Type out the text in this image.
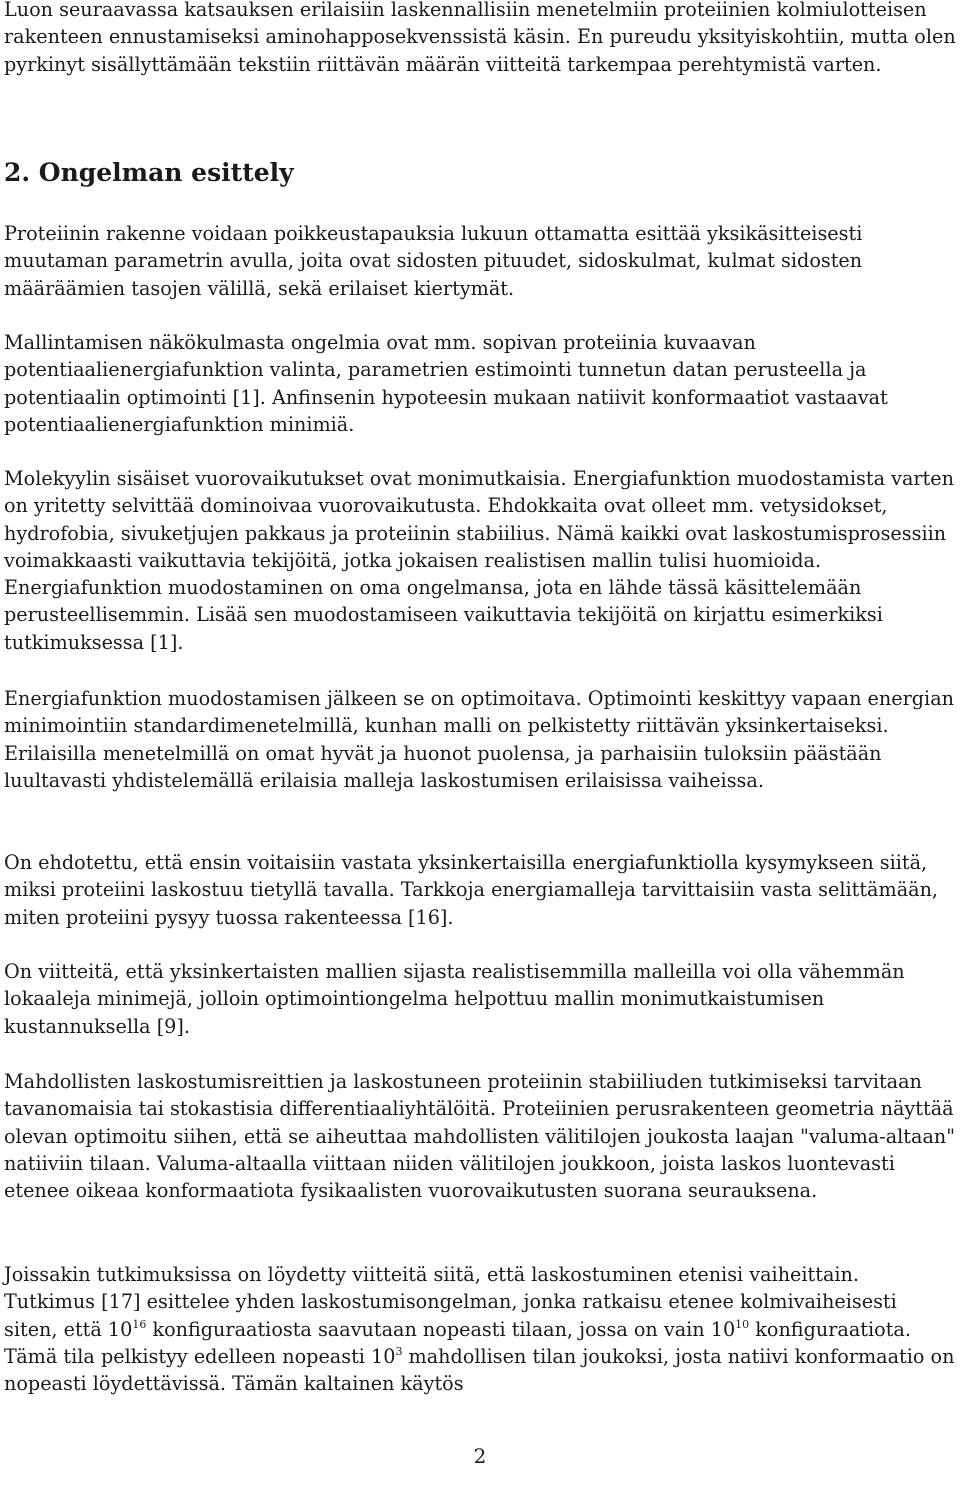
Luon seuraavassa katsauksen erilaisiin laskennallisiin menetelmiin proteiinien kolmiulotteisen rakenteen ennustamiseksi aminohapposekvenssistä käsin. En pureudu yksityiskohtiin, mutta olen pyrkinyt sisällyttämään tekstiin riittävän määrän viitteitä tarkempaa perehtymistä varten.

2. Ongelman esittely

Proteiinin rakenne voidaan poikkeustapauksia lukuun ottamatta esittää yksikäsitteisesti muutaman parametrin avulla, joita ovat sidosten pituudet, sidoskulmat, kulmat sidosten määräämien tasojen välillä, sekä erilaiset kiertymät.

Mallintamisen näkökulmasta ongelmia ovat mm. sopivan proteiinia kuvaavan potentiaalienergiafunktion valinta, parametrien estimointi tunnetun datan perusteella ja potentiaalin optimointi [1]. Anfinsenin hypoteesin mukaan natiivit konformaatiot vastaavat potentiaalienergiafunktion minimiä.

Molekyylin sisäiset vuorovaikutukset ovat monimutkaisia. Energiafunktion muodostamista varten on yritetty selvittää dominoivaa vuorovaikutusta. Ehdokkaita ovat olleet mm. vetysidokset, hydrofobia, sivuketjujen pakkaus ja proteiinin stabiilius. Nämä kaikki ovat laskostumisprosessiin voimakkaasti vaikuttavia tekijöitä, jotka jokaisen realistisen mallin tulisi huomioida. Energiafunktion muodostaminen on oma ongelmansa, jota en lähde tässä käsittelemään perusteellisemmin. Lisää sen muodostamiseen vaikuttavia tekijöitä on kirjattu esimerkiksi tutkimuksessa [1].

Energiafunktion muodostamisen jälkeen se on optimoitava. Optimointi keskittyy vapaan energian minimointiin standardimenetelmillä, kunhan malli on pelkistetty riittävän yksinkertaiseksi. Erilaisilla menetelmillä on omat hyvät ja huonot puolensa, ja parhaisiin tuloksiin päästään luultavasti yhdistelemällä erilaisia malleja laskostumisen erilaisissa vaiheissa.

On ehdotettu, että ensin voitaisiin vastata yksinkertaisilla energiafunktiolla kysymykseen siitä, miksi proteiini laskostuu tietyllä tavalla. Tarkkoja energiamalleja tarvittaisiin vasta selittämään, miten proteiini pysyy tuossa rakenteessa [16].

On viitteitä, että yksinkertaisten mallien sijasta realistisemmilla malleilla voi olla vähemmän lokaaleja minimejä, jolloin optimointiongelma helpottuu mallin monimutkaistumisen kustannuksella [9].

Mahdollisten laskostumisreittien ja laskostuneen proteiinin stabiiliuden tutkimiseksi tarvitaan tavanomaisia tai stokastisia differentiaaliyhtälöitä. Proteiinien perusrakenteen geometria näyttää olevan optimoitu siihen, että se aiheuttaa mahdollisten välitilojen joukosta laajan "valuma-altaan" natiiviin tilaan. Valuma-altaalla viittaan niiden välitilojen joukkoon, joista laskos luontevasti etenee oikeaa konformaatiota fysikaalisten vuorovaikutusten suorana seurauksena.

Joissakin tutkimuksissa on löydetty viitteitä siitä, että laskostuminen etenisi vaiheittain. Tutkimus [17] esittelee yhden laskostumisongelman, jonka ratkaisu etenee kolmivaiheisesti siten, että $10^{16}$ konfiguraatiosta saavutaan nopeasti tilaan, jossa on vain $10^{10}$ konfiguraatiota. Tämä tila pelkistyy edelleen nopeasti $10^3$ mahdollisen tilan joukoksi, josta natiivi konformaatio on nopeasti löydettävissä. Tämän kaltainen käytös

2
